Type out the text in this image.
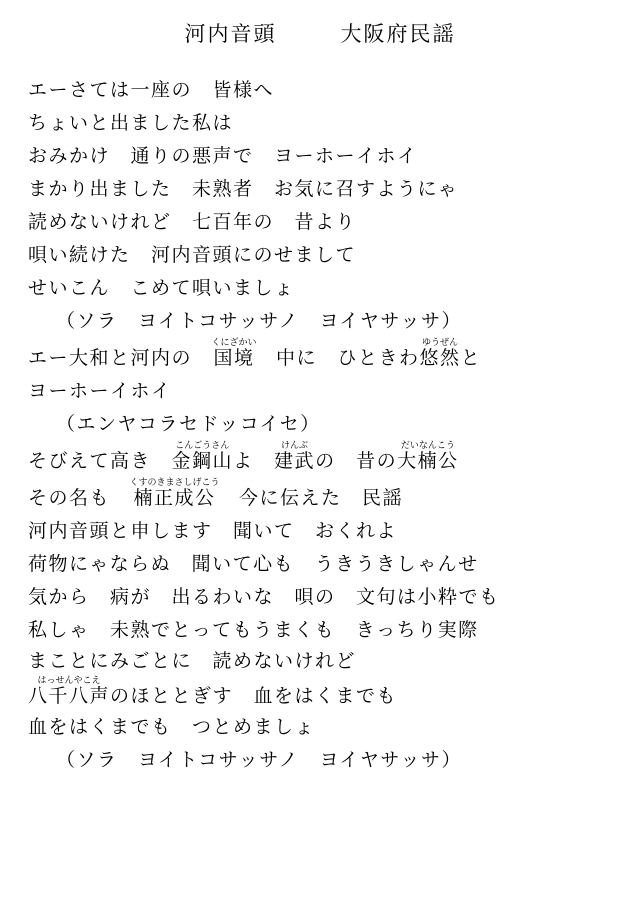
河内音頭	大阪府民謡
エーさては一座の　皆様へ
ちょいと出ました私は
おみかけ　通りの悪声で　ヨーホーイホイ
まかり出ました　未熟者　お気に召すようにゃ
読めないけれど　七百年の　昔より
唄い続けた　河内音頭にのせまして
せいこん　こめて唄いましょ
（ソラ　ヨイトコサッサノ　ヨイヤサッサ）
エー大和と河内の　国境くにざかい　中に　ひときわ悠然ゆうぜんと
ヨーホーイホイ
（エンヤコラセドッコイセ）
そびえて高き　金鋼山こんごうさんよ　建武けんぶの　昔の大楠公だいなんこう
その名も　楠正成公くすのきまさしげこう　今に伝えた　民謡
河内音頭と申します　聞いて　おくれよ
荷物にゃならぬ　聞いて心も　うきうきしゃんせ
気から　病が　出るわいな　唄の　文句は小粋でも
私しゃ　未熟でとってもうまくも　きっちり実際
まことにみごとに　読めないけれど
八千八声はっせんやこえのほととぎす　血をはくまでも
血をはくまでも　つとめましょ
（ソラ　ヨイトコサッサノ　ヨイヤサッサ）
